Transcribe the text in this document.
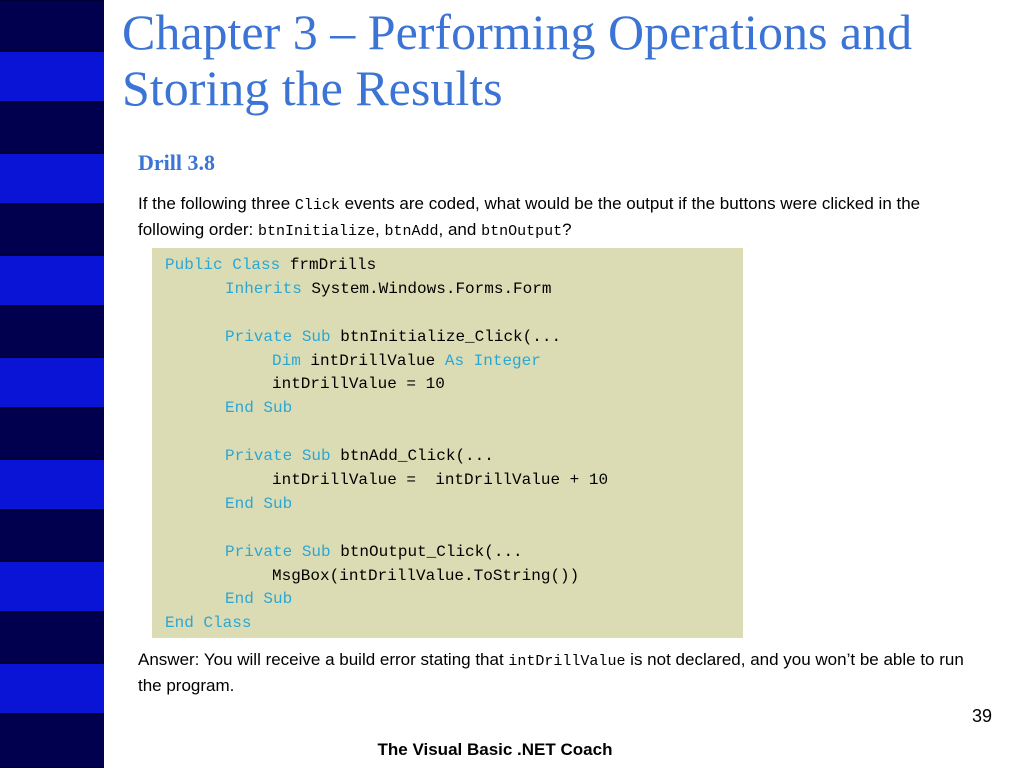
Chapter 3 – Performing Operations and Storing the Results
Drill 3.8
If the following three Click events are coded, what would be the output if the buttons were clicked in the following order: btnInitialize, btnAdd, and btnOutput?
Public Class frmDrills
Inherits System.Windows.Forms.Form
Private Sub btnInitialize_Click(...
Dim intDrillValue As Integer
intDrillValue = 10
End Sub
Private Sub btnAdd_Click(...
intDrillValue =  intDrillValue + 10
End Sub
Private Sub btnOutput_Click(...
MsgBox(intDrillValue.ToString())
End Sub
End Class
Answer: You will receive a build error stating that intDrillValue is not declared, and you won’t be able to run the program.
39
The Visual Basic .NET Coach
